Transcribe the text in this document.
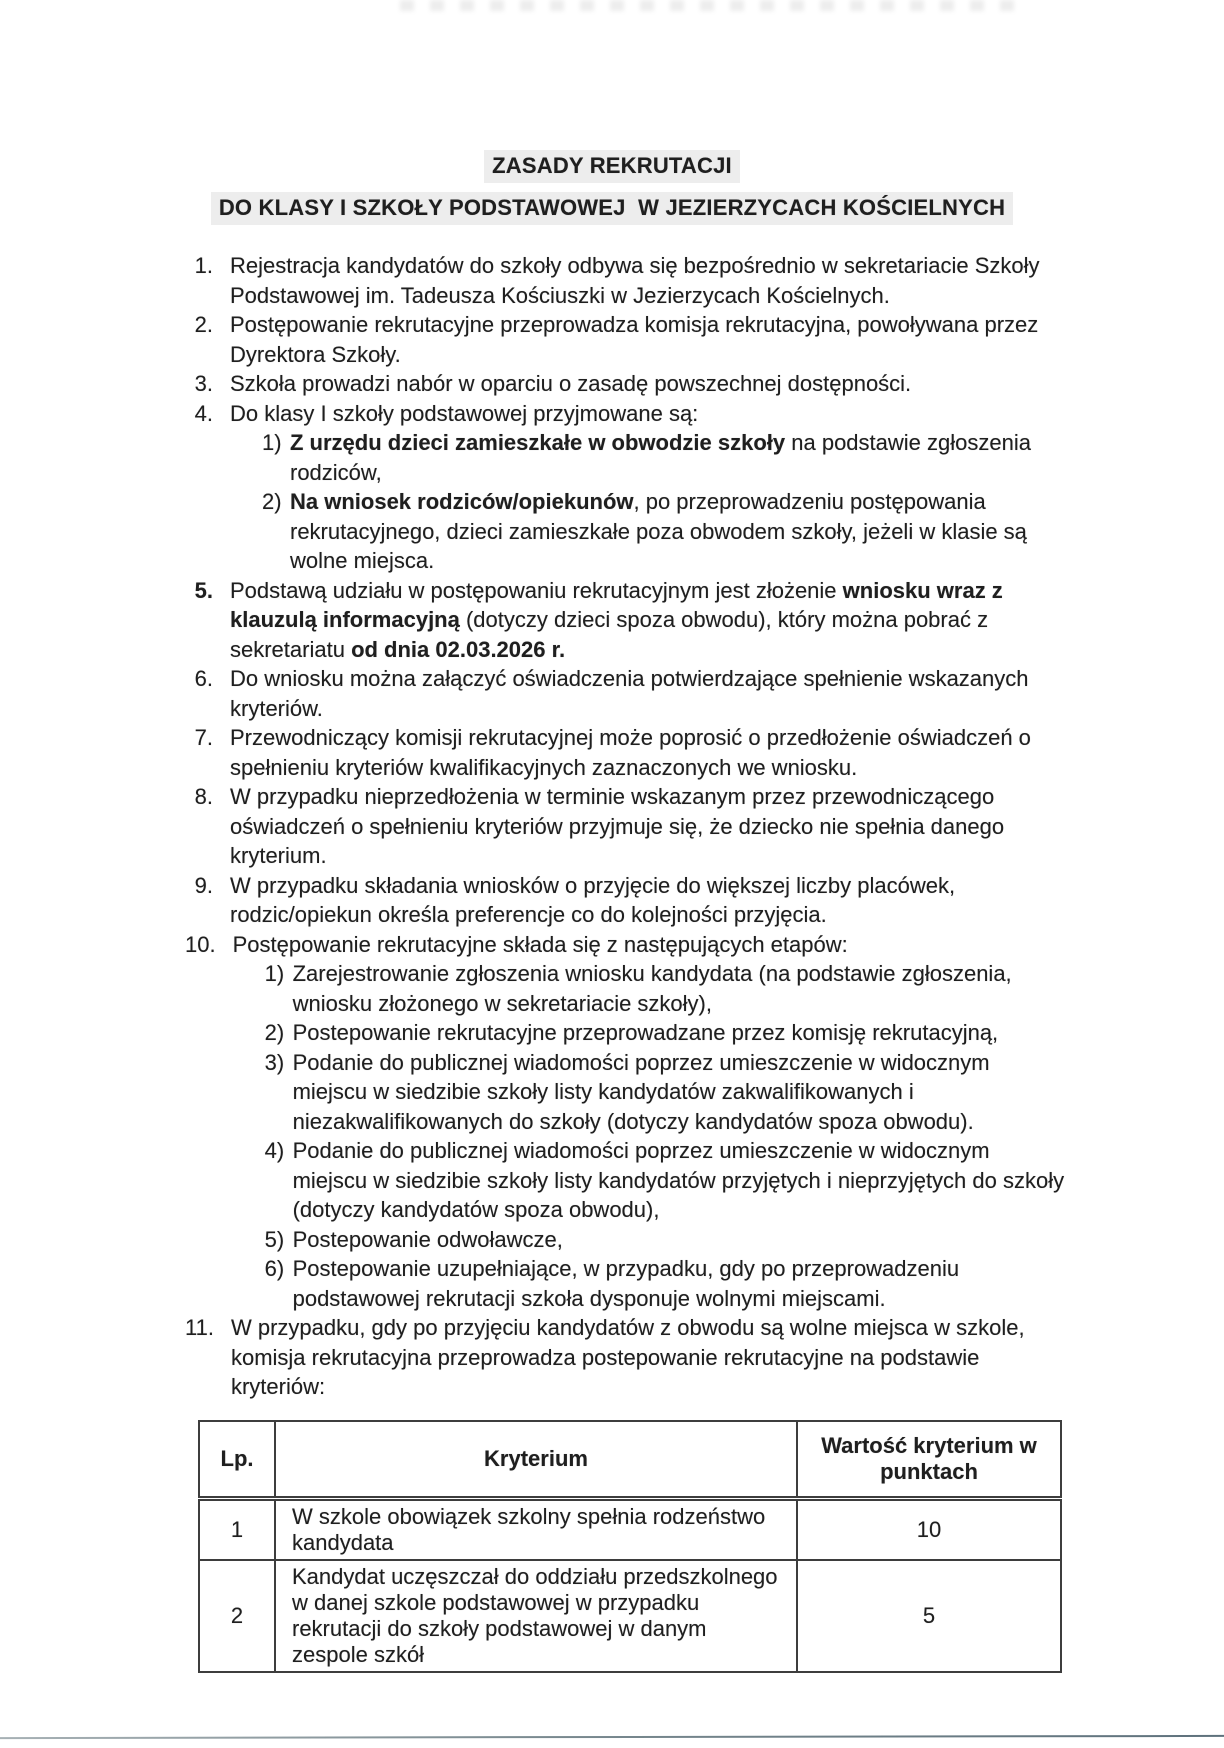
ZASADY REKRUTACJI
DO KLASY I SZKOŁY PODSTAWOWEJ  W JEZIERZYCACH KOŚCIELNYCH
1. Rejestracja kandydatów do szkoły odbywa się bezpośrednio w sekretariacie Szkoły Podstawowej im. Tadeusza Kościuszki w Jezierzycach Kościelnych.
2. Postępowanie rekrutacyjne przeprowadza komisja rekrutacyjna, powoływana przez Dyrektora Szkoły.
3. Szkoła prowadzi nabór w oparciu o zasadę powszechnej dostępności.
4. Do klasy I szkoły podstawowej przyjmowane są:
1) Z urzędu dzieci zamieszkałe w obwodzie szkoły na podstawie zgłoszenia rodziców,
2) Na wniosek rodziców/opiekunów, po przeprowadzeniu postępowania rekrutacyjnego, dzieci zamieszkałe poza obwodem szkoły, jeżeli w klasie są wolne miejsca.
5. Podstawą udziału w postępowaniu rekrutacyjnym jest złożenie wniosku wraz z klauzulą informacyjną (dotyczy dzieci spoza obwodu), który można pobrać z sekretariatu od dnia 02.03.2026 r.
6. Do wniosku można załączyć oświadczenia potwierdzające spełnienie wskazanych kryteriów.
7. Przewodniczący komisji rekrutacyjnej może poprosić o przedłożenie oświadczeń o spełnieniu kryteriów kwalifikacyjnych zaznaczonych we wniosku.
8. W przypadku nieprzedłożenia w terminie wskazanym przez przewodniczącego oświadczeń o spełnieniu kryteriów przyjmuje się, że dziecko nie spełnia danego kryterium.
9. W przypadku składania wniosków o przyjęcie do większej liczby placówek, rodzic/opiekun określa preferencje co do kolejności przyjęcia.
10. Postępowanie rekrutacyjne składa się z następujących etapów:
1) Zarejestrowanie zgłoszenia wniosku kandydata (na podstawie zgłoszenia, wniosku złożonego w sekretariacie szkoły),
2) Postepowanie rekrutacyjne przeprowadzane przez komisję rekrutacyjną,
3) Podanie do publicznej wiadomości poprzez umieszczenie w widocznym miejscu w siedzibie szkoły listy kandydatów zakwalifikowanych i niezakwalifikowanych do szkoły (dotyczy kandydatów spoza obwodu).
4) Podanie do publicznej wiadomości poprzez umieszczenie w widocznym miejscu w siedzibie szkoły listy kandydatów przyjętych i nieprzyjętych do szkoły (dotyczy kandydatów spoza obwodu),
5) Postepowanie odwoławcze,
6) Postepowanie uzupełniające, w przypadku, gdy po przeprowadzeniu podstawowej rekrutacji szkoła dysponuje wolnymi miejscami.
11. W przypadku, gdy po przyjęciu kandydatów z obwodu są wolne miejsca w szkole, komisja rekrutacyjna przeprowadza postepowanie rekrutacyjne na podstawie kryteriów:
Lp.	Kryterium	Wartość kryterium w punktach
1	W szkole obowiązek szkolny spełnia rodzeństwo kandydata	10
2	Kandydat uczęszczał do oddziału przedszkolnego w danej szkole podstawowej w przypadku rekrutacji do szkoły podstawowej w danym zespole szkół	5
